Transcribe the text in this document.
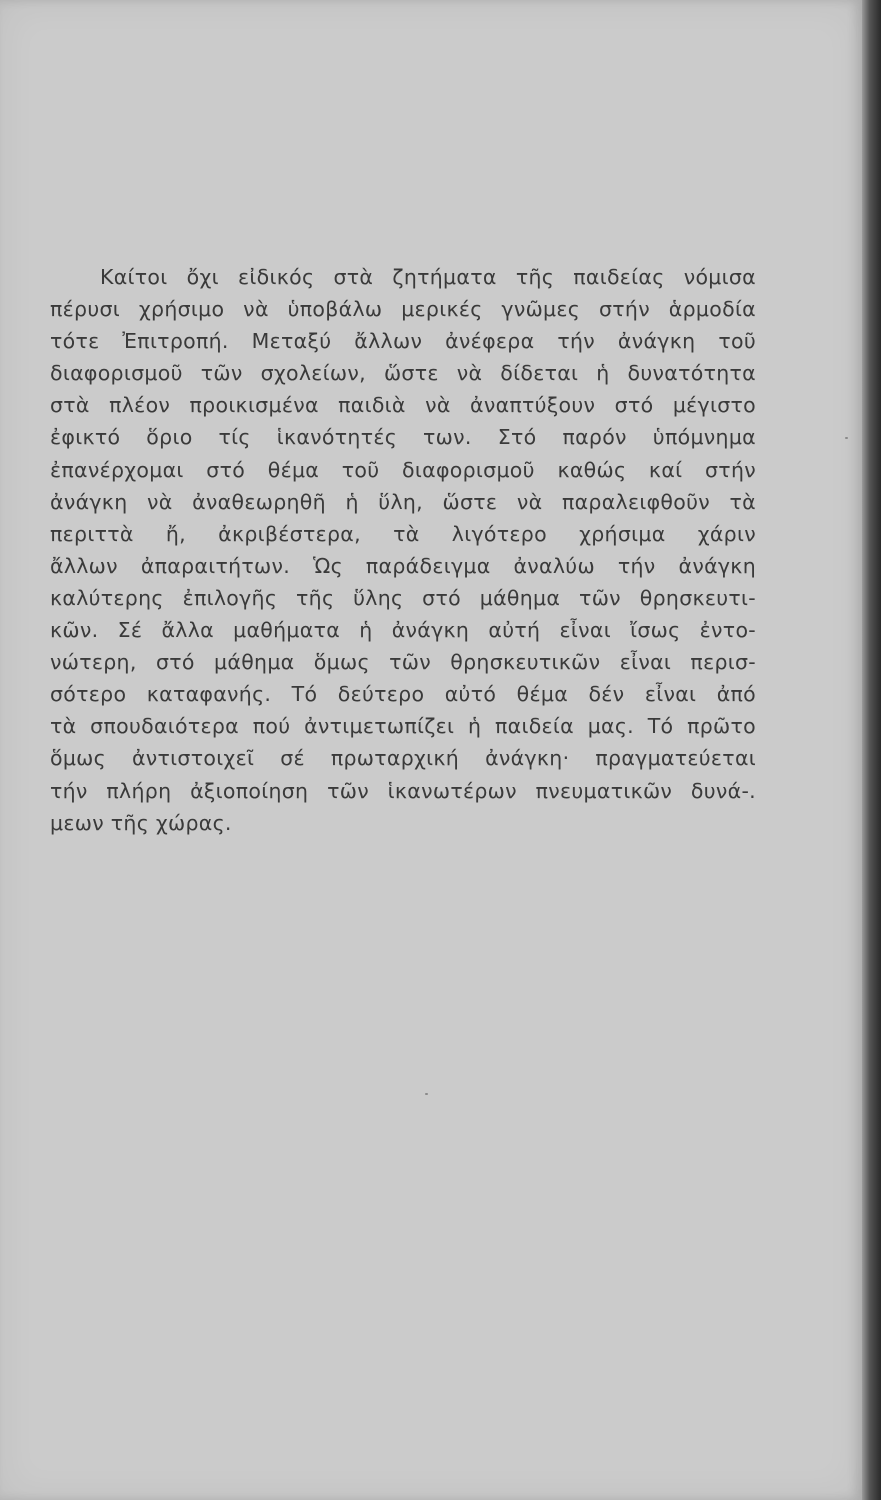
Καίτοι ὄχι εἰδικός στὰ ζητήματα τῆς παιδείας νόμισα
πέρυσι χρήσιμο νὰ ὑποβάλω μερικές γνῶμες στήν ἁρμοδία
τότε Ἐπιτροπή. Μεταξύ ἄλλων ἀνέφερα τήν ἀνάγκη τοῦ
διαφορισμοῦ τῶν σχολείων, ὥστε νὰ δίδεται ἡ δυνατότητα
στὰ πλέον προικισμένα παιδιὰ νὰ ἀναπτύξουν στό μέγιστο
ἐφικτό ὅριο τίς ἱκανότητές των. Στό παρόν ὑπόμνημα
ἐπανέρχομαι στό θέμα τοῦ διαφορισμοῦ καθώς καί στήν
ἀνάγκη νὰ ἀναθεωρηθῆ ἡ ὕλη, ὥστε νὰ παραλειφθοῦν τὰ
περιττὰ ἤ, ἀκριβέστερα, τὰ λιγότερο χρήσιμα χάριν
ἄλλων ἀπαραιτήτων. Ὡς παράδειγμα ἀναλύω τήν ἀνάγκη
καλύτερης ἐπιλογῆς τῆς ὕλης στό μάθημα τῶν θρησκευτι-
κῶν. Σέ ἄλλα μαθήματα ἡ ἀνάγκη αὐτή εἶναι ἴσως ἐντο-
νώτερη, στό μάθημα ὅμως τῶν θρησκευτικῶν εἶναι περισ-
σότερο καταφανής. Τό δεύτερο αὐτό θέμα δέν εἶναι ἀπό
τὰ σπουδαιότερα πού ἀντιμετωπίζει ἡ παιδεία μας. Τό πρῶτο
ὅμως ἀντιστοιχεῖ σέ πρωταρχική ἀνάγκη· πραγματεύεται
τήν πλήρη ἀξιοποίηση τῶν ἱκανωτέρων πνευματικῶν δυνά-.
μεων τῆς χώρας.
